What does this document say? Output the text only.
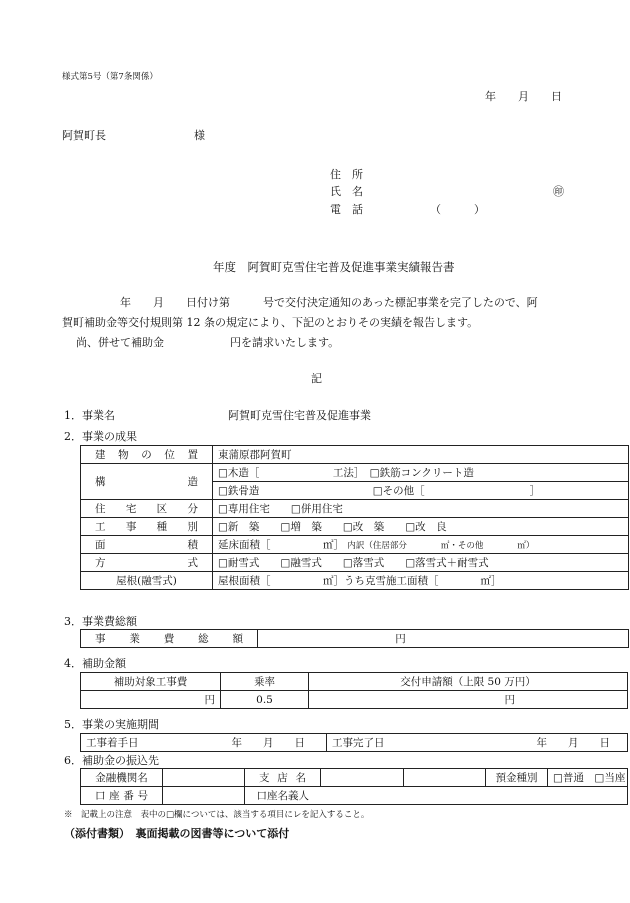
様式第5号（第7条関係）
年　　月　　日
阿賀町長　　　　　　　　様
住　所
氏　名	㊞
電　話	（　　　）
年度　阿賀町克雪住宅普及促進事業実績報告書
年　　月　　日付け第　　　号で交付決定通知のあった標記事業を完了したので、阿
賀町補助金等交付規則第 12 条の規定により、下記のとおりその実績を報告します。
尚、併せて補助金　　　　　　円を請求いたします。
記
1．事業名	阿賀町克雪住宅普及促進事業
2．事業の成果
建物の位置	東蒲原郡阿賀町
構造	□木造［　　　　　　　工法］　□鉄筋コンクリート造
	□鉄骨造 □その他［　　　　　　　　　　］
住宅区分	□専用住宅　　□併用住宅
工事種別	□新　築　　□増　築　　□改　築　　□改　良
面積	延床面積［　　　　　㎡］ 内訳（住居部分　　　　㎡・その他　　　　㎡）
方式	□耐雪式　　□融雪式　　□落雪式　　□落雪式＋耐雪式
屋根(融雪式)	屋根面積［　　　　　㎡］うち克雪施工面積［　　　　㎡］
3．事業費総額
事業費総額	円
4．補助金額
補助対象工事費	乗率	交付申請額（上限 50 万円）
円	0.5	円
5．事業の実施期間
工事着手日	年　　月　　日	工事完了日	年　　月　　日
6．補助金の振込先
金融機関名		支店名			預金種別	□普通　□当座
口座番号		口座名義人				
※　記載上の注意　表中の□欄については、該当する項目にレを記入すること。
（添付書類）　裏面掲載の図書等について添付
